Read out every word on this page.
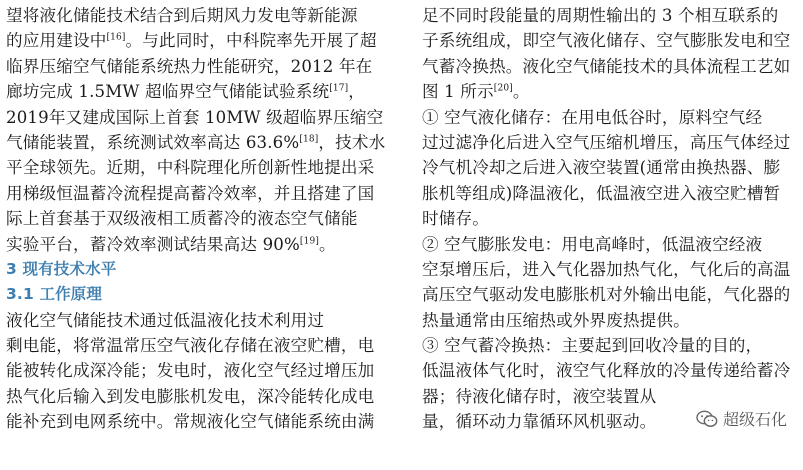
望将液化储能技术结合到后期风力发电等新能源
的应用建设中[16]。与此同时，中科院率先开展了超
临界压缩空气储能系统热力性能研究，2012 年在
廊坊完成 1.5MW 超临界空气储能试验系统[17]，
2019年又建成国际上首套 10MW 级超临界压缩空
气储能装置，系统测试效率高达 63.6%[18]，技术水
平全球领先。近期，中科院理化所创新性地提出采
用梯级恒温蓄冷流程提高蓄冷效率，并且搭建了国
际上首套基于双级液相工质蓄冷的液态空气储能
实验平台，蓄冷效率测试结果高达 90%[19]。
3 现有技术水平
3.1 工作原理
液化空气储能技术通过低温液化技术利用过
剩电能，将常温常压空气液化存储在液空贮槽，电
能被转化成深冷能；发电时，液化空气经过增压加
热气化后输入到发电膨胀机发电，深冷能转化成电
能补充到电网系统中。常规液化空气储能系统由满
足不同时段能量的周期性输出的 3 个相互联系的
子系统组成，即空气液化储存、空气膨胀发电和空
气蓄冷换热。液化空气储能技术的具体流程工艺如
图 1 所示[20]。
① 空气液化储存：在用电低谷时，原料空气经
过过滤净化后进入空气压缩机增压，高压气体经过
冷气机冷却之后进入液空装置(通常由换热器、膨
胀机等组成)降温液化，低温液空进入液空贮槽暂
时储存。
② 空气膨胀发电：用电高峰时，低温液空经液
空泵增压后，进入气化器加热气化，气化后的高温
高压空气驱动发电膨胀机对外输出电能，气化器的
热量通常由压缩热或外界废热提供。
③ 空气蓄冷换热：主要起到回收冷量的目的，
低温液体气化时，液空气化释放的冷量传递给蓄冷
器；待液化储存时，液空装置从
量，循环动力靠循环风机驱动。	超级石化
